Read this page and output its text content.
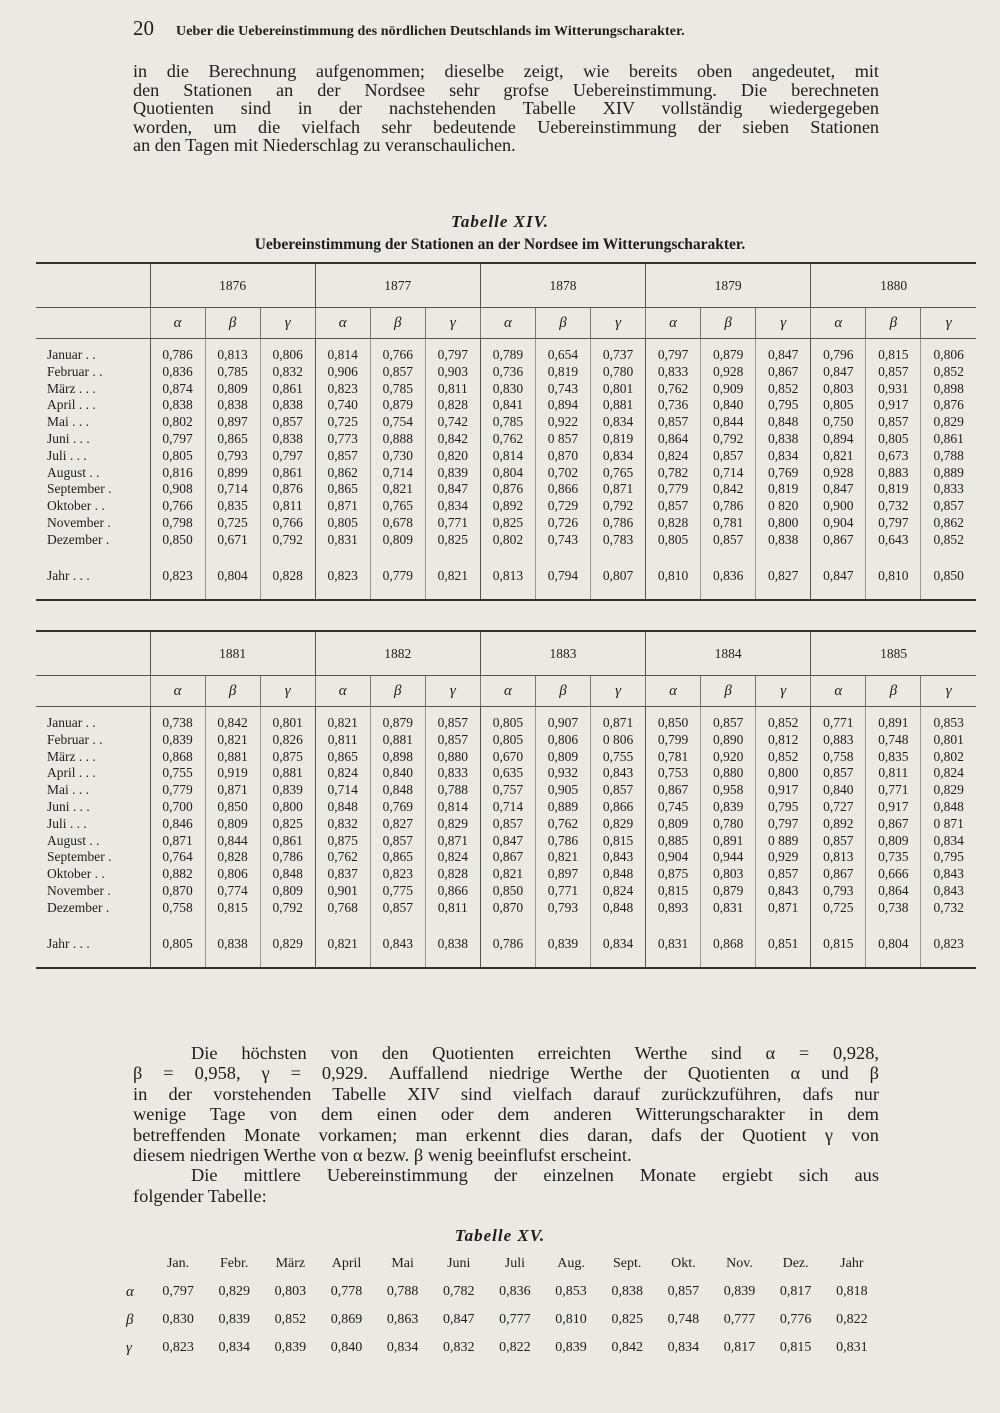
20 Ueber die Uebereinstimmung des nördlichen Deutschlands im Witterungscharakter.
in die Berechnung aufgenommen; dieselbe zeigt, wie bereits oben angedeutet, mit
den Stationen an der Nordsee sehr grofse Uebereinstimmung. Die berechneten
Quotienten sind in der nachstehenden Tabelle XIV vollständig wiedergegeben
worden, um die vielfach sehr bedeutende Uebereinstimmung der sieben Stationen
an den Tagen mit Niederschlag zu veranschaulichen.
Tabelle XIV.
Uebereinstimmung der Stationen an der Nordsee im Witterungscharakter.
	1876			1877			1878			1879			1880		
	α	β	γ	α	β	γ	α	β	γ	α	β	γ	α	β	γ

Januar . .	0,786	0,813	0,806	0,814	0,766	0,797	0,789	0,654	0,737	0,797	0,879	0,847	0,796	0,815	0,806
Februar . .	0,836	0,785	0,832	0,906	0,857	0,903	0,736	0,819	0,780	0,833	0,928	0,867	0,847	0,857	0,852
März . . .	0,874	0,809	0,861	0,823	0,785	0,811	0,830	0,743	0,801	0,762	0,909	0,852	0,803	0,931	0,898
April . . .	0,838	0,838	0,838	0,740	0,879	0,828	0,841	0,894	0,881	0,736	0,840	0,795	0,805	0,917	0,876
Mai . . .	0,802	0,897	0,857	0,725	0,754	0,742	0,785	0,922	0,834	0,857	0,844	0,848	0,750	0,857	0,829
Juni . . .	0,797	0,865	0,838	0,773	0,888	0,842	0,762	0 857	0,819	0,864	0,792	0,838	0,894	0,805	0,861
Juli . . .	0,805	0,793	0,797	0,857	0,730	0,820	0,814	0,870	0,834	0,824	0,857	0,834	0,821	0,673	0,788
August . .	0,816	0,899	0,861	0,862	0,714	0,839	0,804	0,702	0,765	0,782	0,714	0,769	0,928	0,883	0,889
September .	0,908	0,714	0,876	0,865	0,821	0,847	0,876	0,866	0,871	0,779	0,842	0,819	0,847	0,819	0,833
Oktober . .	0,766	0,835	0,811	0,871	0,765	0,834	0,892	0,729	0,792	0,857	0,786	0 820	0,900	0,732	0,857
November .	0,798	0,725	0,766	0,805	0,678	0,771	0,825	0,726	0,786	0,828	0,781	0,800	0,904	0,797	0,862
Dezember .	0,850	0,671	0,792	0,831	0,809	0,825	0,802	0,743	0,783	0,805	0,857	0,838	0,867	0,643	0,852

Jahr . . .	0,823	0,804	0,828	0,823	0,779	0,821	0,813	0,794	0,807	0,810	0,836	0,827	0,847	0,810	0,850

	1881			1882			1883			1884			1885		
	α	β	γ	α	β	γ	α	β	γ	α	β	γ	α	β	γ

Januar . .	0,738	0,842	0,801	0,821	0,879	0,857	0,805	0,907	0,871	0,850	0,857	0,852	0,771	0,891	0,853
Februar . .	0,839	0,821	0,826	0,811	0,881	0,857	0,805	0,806	0 806	0,799	0,890	0,812	0,883	0,748	0,801
März . . .	0,868	0,881	0,875	0,865	0,898	0,880	0,670	0,809	0,755	0,781	0,920	0,852	0,758	0,835	0,802
April . . .	0,755	0,919	0,881	0,824	0,840	0,833	0,635	0,932	0,843	0,753	0,880	0,800	0,857	0,811	0,824
Mai . . .	0,779	0,871	0,839	0,714	0,848	0,788	0,757	0,905	0,857	0,867	0,958	0,917	0,840	0,771	0,829
Juni . . .	0,700	0,850	0,800	0,848	0,769	0,814	0,714	0,889	0,866	0,745	0,839	0,795	0,727	0,917	0,848
Juli . . .	0,846	0,809	0,825	0,832	0,827	0,829	0,857	0,762	0,829	0,809	0,780	0,797	0,892	0,867	0 871
August . .	0,871	0,844	0,861	0,875	0,857	0,871	0,847	0,786	0,815	0,885	0,891	0 889	0,857	0,809	0,834
September .	0,764	0,828	0,786	0,762	0,865	0,824	0,867	0,821	0,843	0,904	0,944	0,929	0,813	0,735	0,795
Oktober . .	0,882	0,806	0,848	0,837	0,823	0,828	0,821	0,897	0,848	0,875	0,803	0,857	0,867	0,666	0,843
November .	0,870	0,774	0,809	0,901	0,775	0,866	0,850	0,771	0,824	0,815	0,879	0,843	0,793	0,864	0,843
Dezember .	0,758	0,815	0,792	0,768	0,857	0,811	0,870	0,793	0,848	0,893	0,831	0,871	0,725	0,738	0,732

Jahr . . .	0,805	0,838	0,829	0,821	0,843	0,838	0,786	0,839	0,834	0,831	0,868	0,851	0,815	0,804	0,823

Die höchsten von den Quotienten erreichten Werthe sind α = 0,928,
β = 0,958, γ = 0,929. Auffallend niedrige Werthe der Quotienten α und β
in der vorstehenden Tabelle XIV sind vielfach darauf zurückzuführen, dafs nur
wenige Tage von dem einen oder dem anderen Witterungscharakter in dem
betreffenden Monate vorkamen; man erkennt dies daran, dafs der Quotient γ von
diesem niedrigen Werthe von α bezw. β wenig beeinflufst erscheint.
Die mittlere Uebereinstimmung der einzelnen Monate ergiebt sich aus
folgender Tabelle:
Tabelle XV.
	Jan.	Febr.	März	April	Mai	Juni	Juli	Aug.	Sept.	Okt.	Nov.	Dez.	Jahr
α	0,797	0,829	0,803	0,778	0,788	0,782	0,836	0,853	0,838	0,857	0,839	0,817	0,818
β	0,830	0,839	0,852	0,869	0,863	0,847	0,777	0,810	0,825	0,748	0,777	0,776	0,822
γ	0,823	0,834	0,839	0,840	0,834	0,832	0,822	0,839	0,842	0,834	0,817	0,815	0,831
